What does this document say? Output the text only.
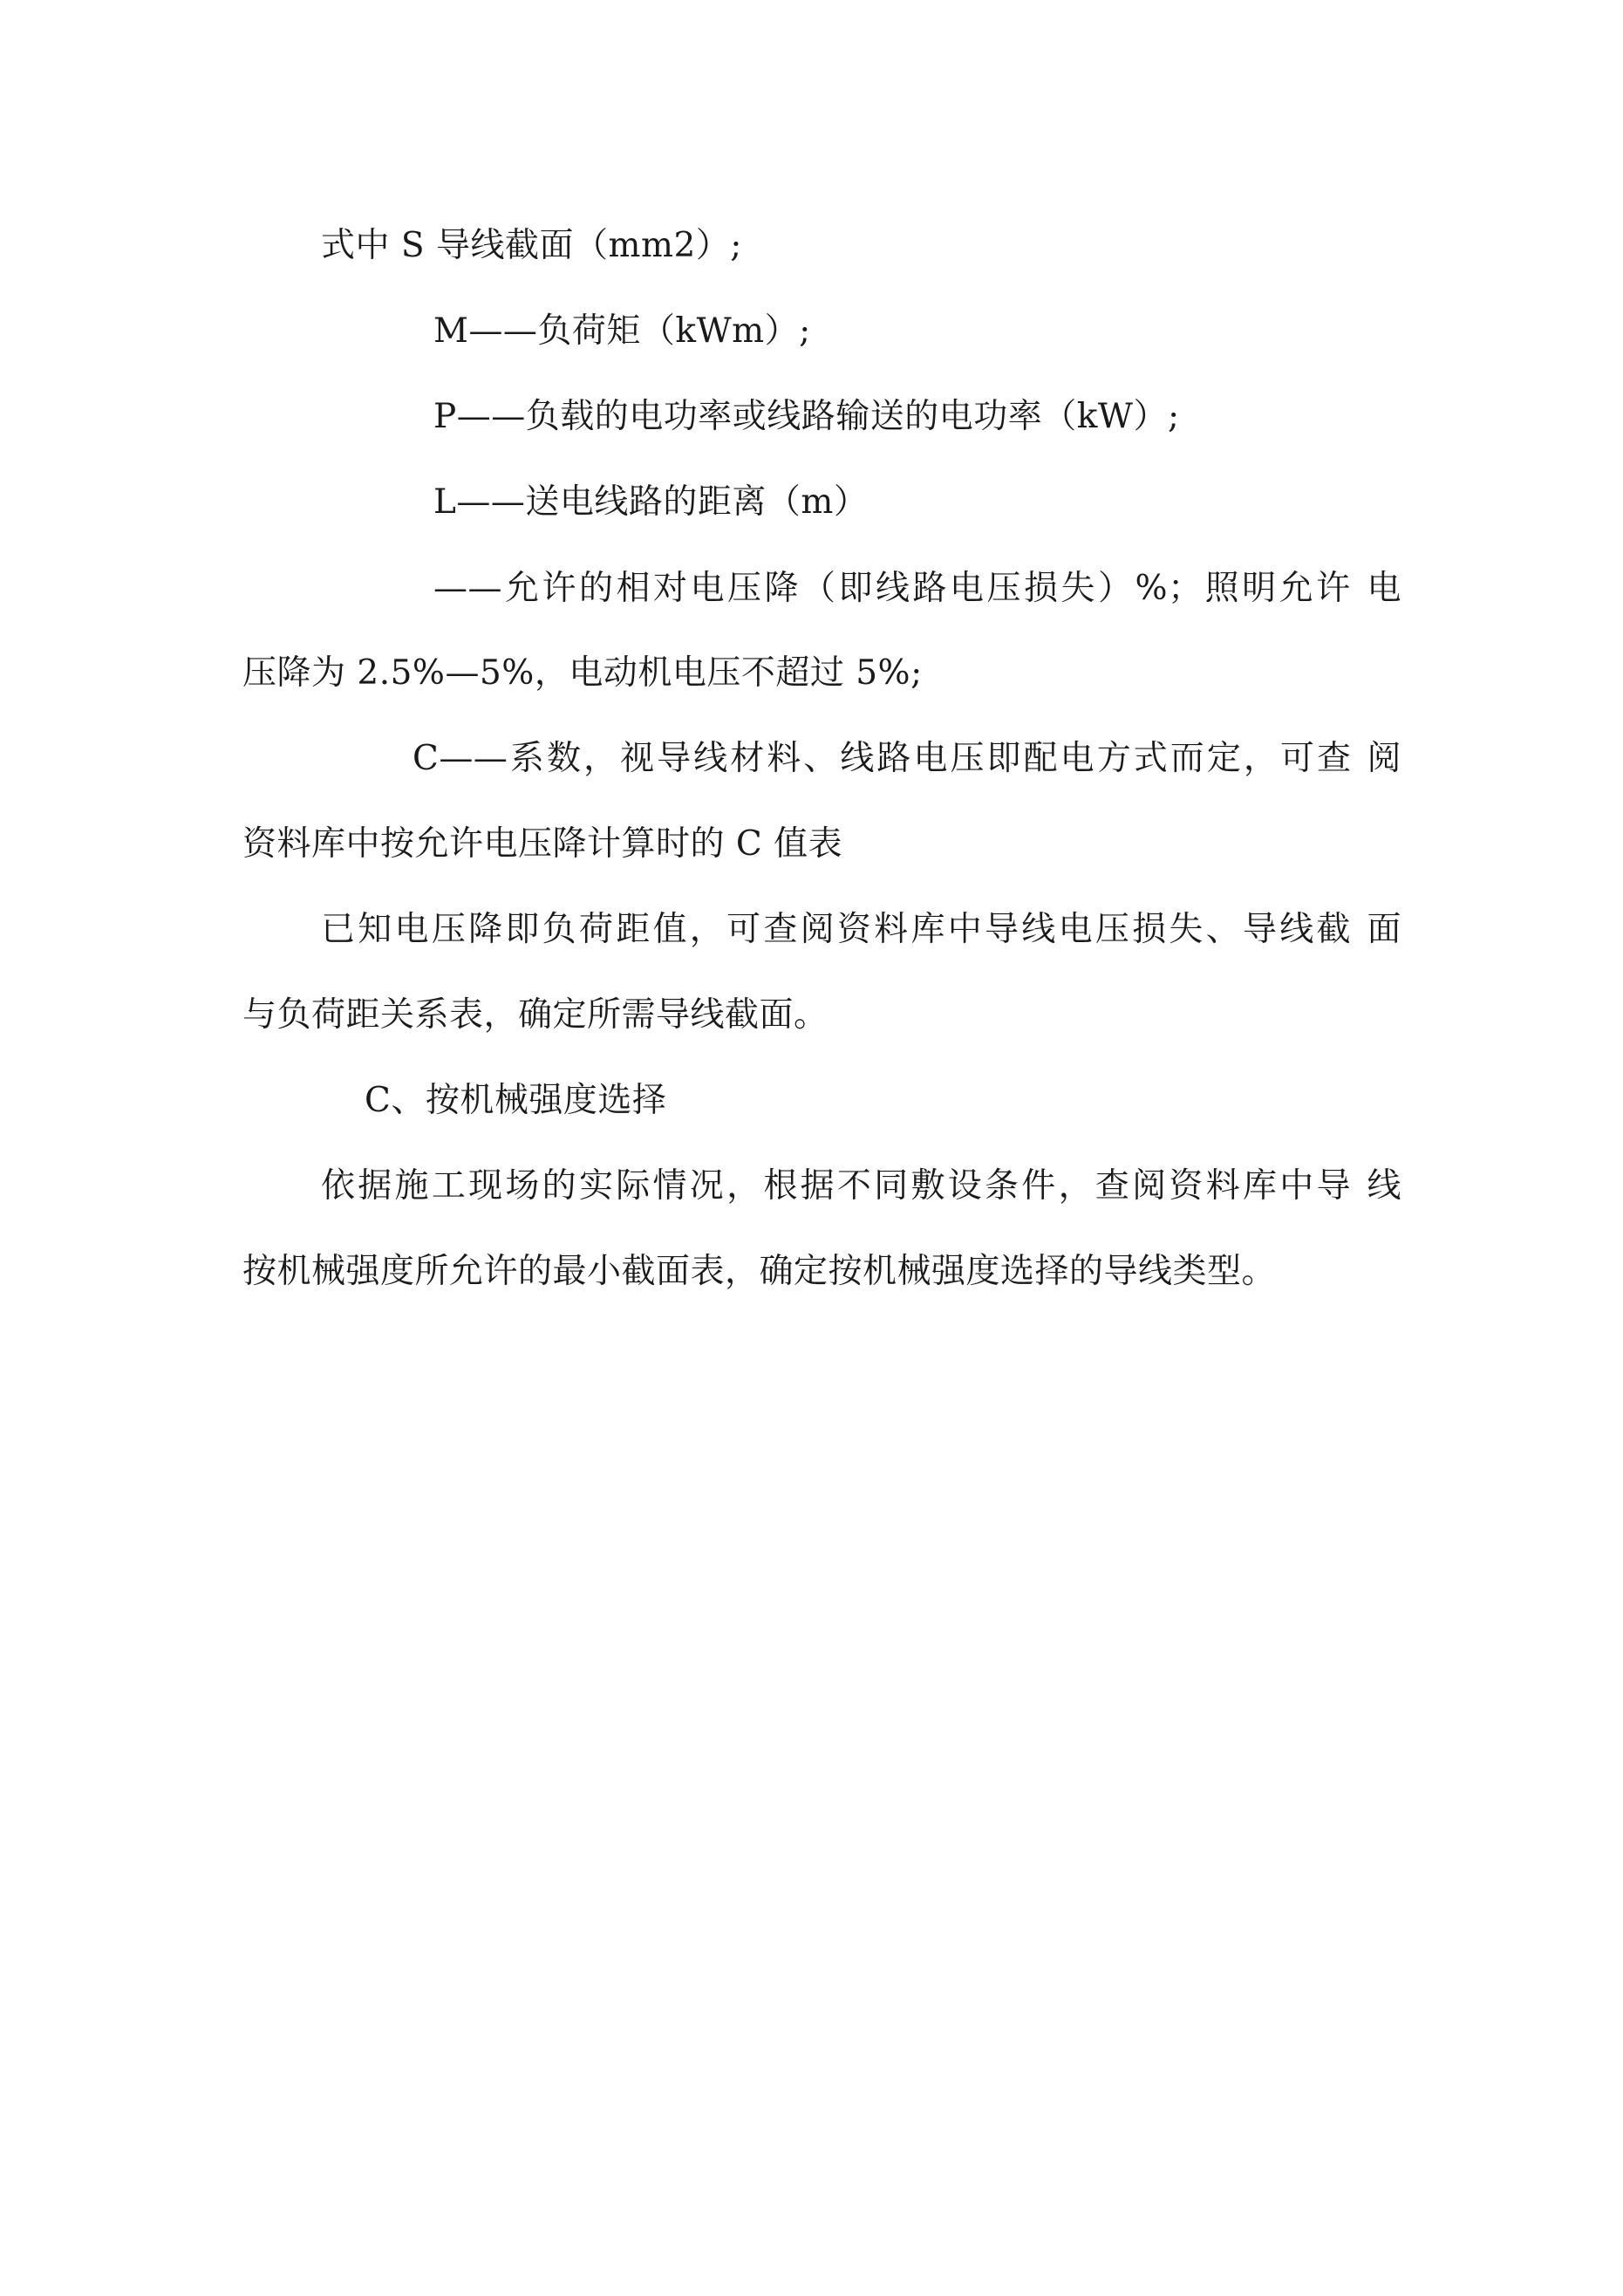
式中 S 导线截面（mm2）;
M——负荷矩（kWm）;
P——负载的电功率或线路输送的电功率（kW）;
L——送电线路的距离（m）
——允许的相对电压降（即线路电压损失）%；照明允许 电
压降为 2.5%—5%，电动机电压不超过 5%;
C——系数，视导线材料、线路电压即配电方式而定，可查 阅
资料库中按允许电压降计算时的 C 值表
已知电压降即负荷距值，可查阅资料库中导线电压损失、导线截 面
与负荷距关系表，确定所需导线截面。
C、按机械强度选择
依据施工现场的实际情况，根据不同敷设条件，查阅资料库中导 线
按机械强度所允许的最小截面表，确定按机械强度选择的导线类型。
